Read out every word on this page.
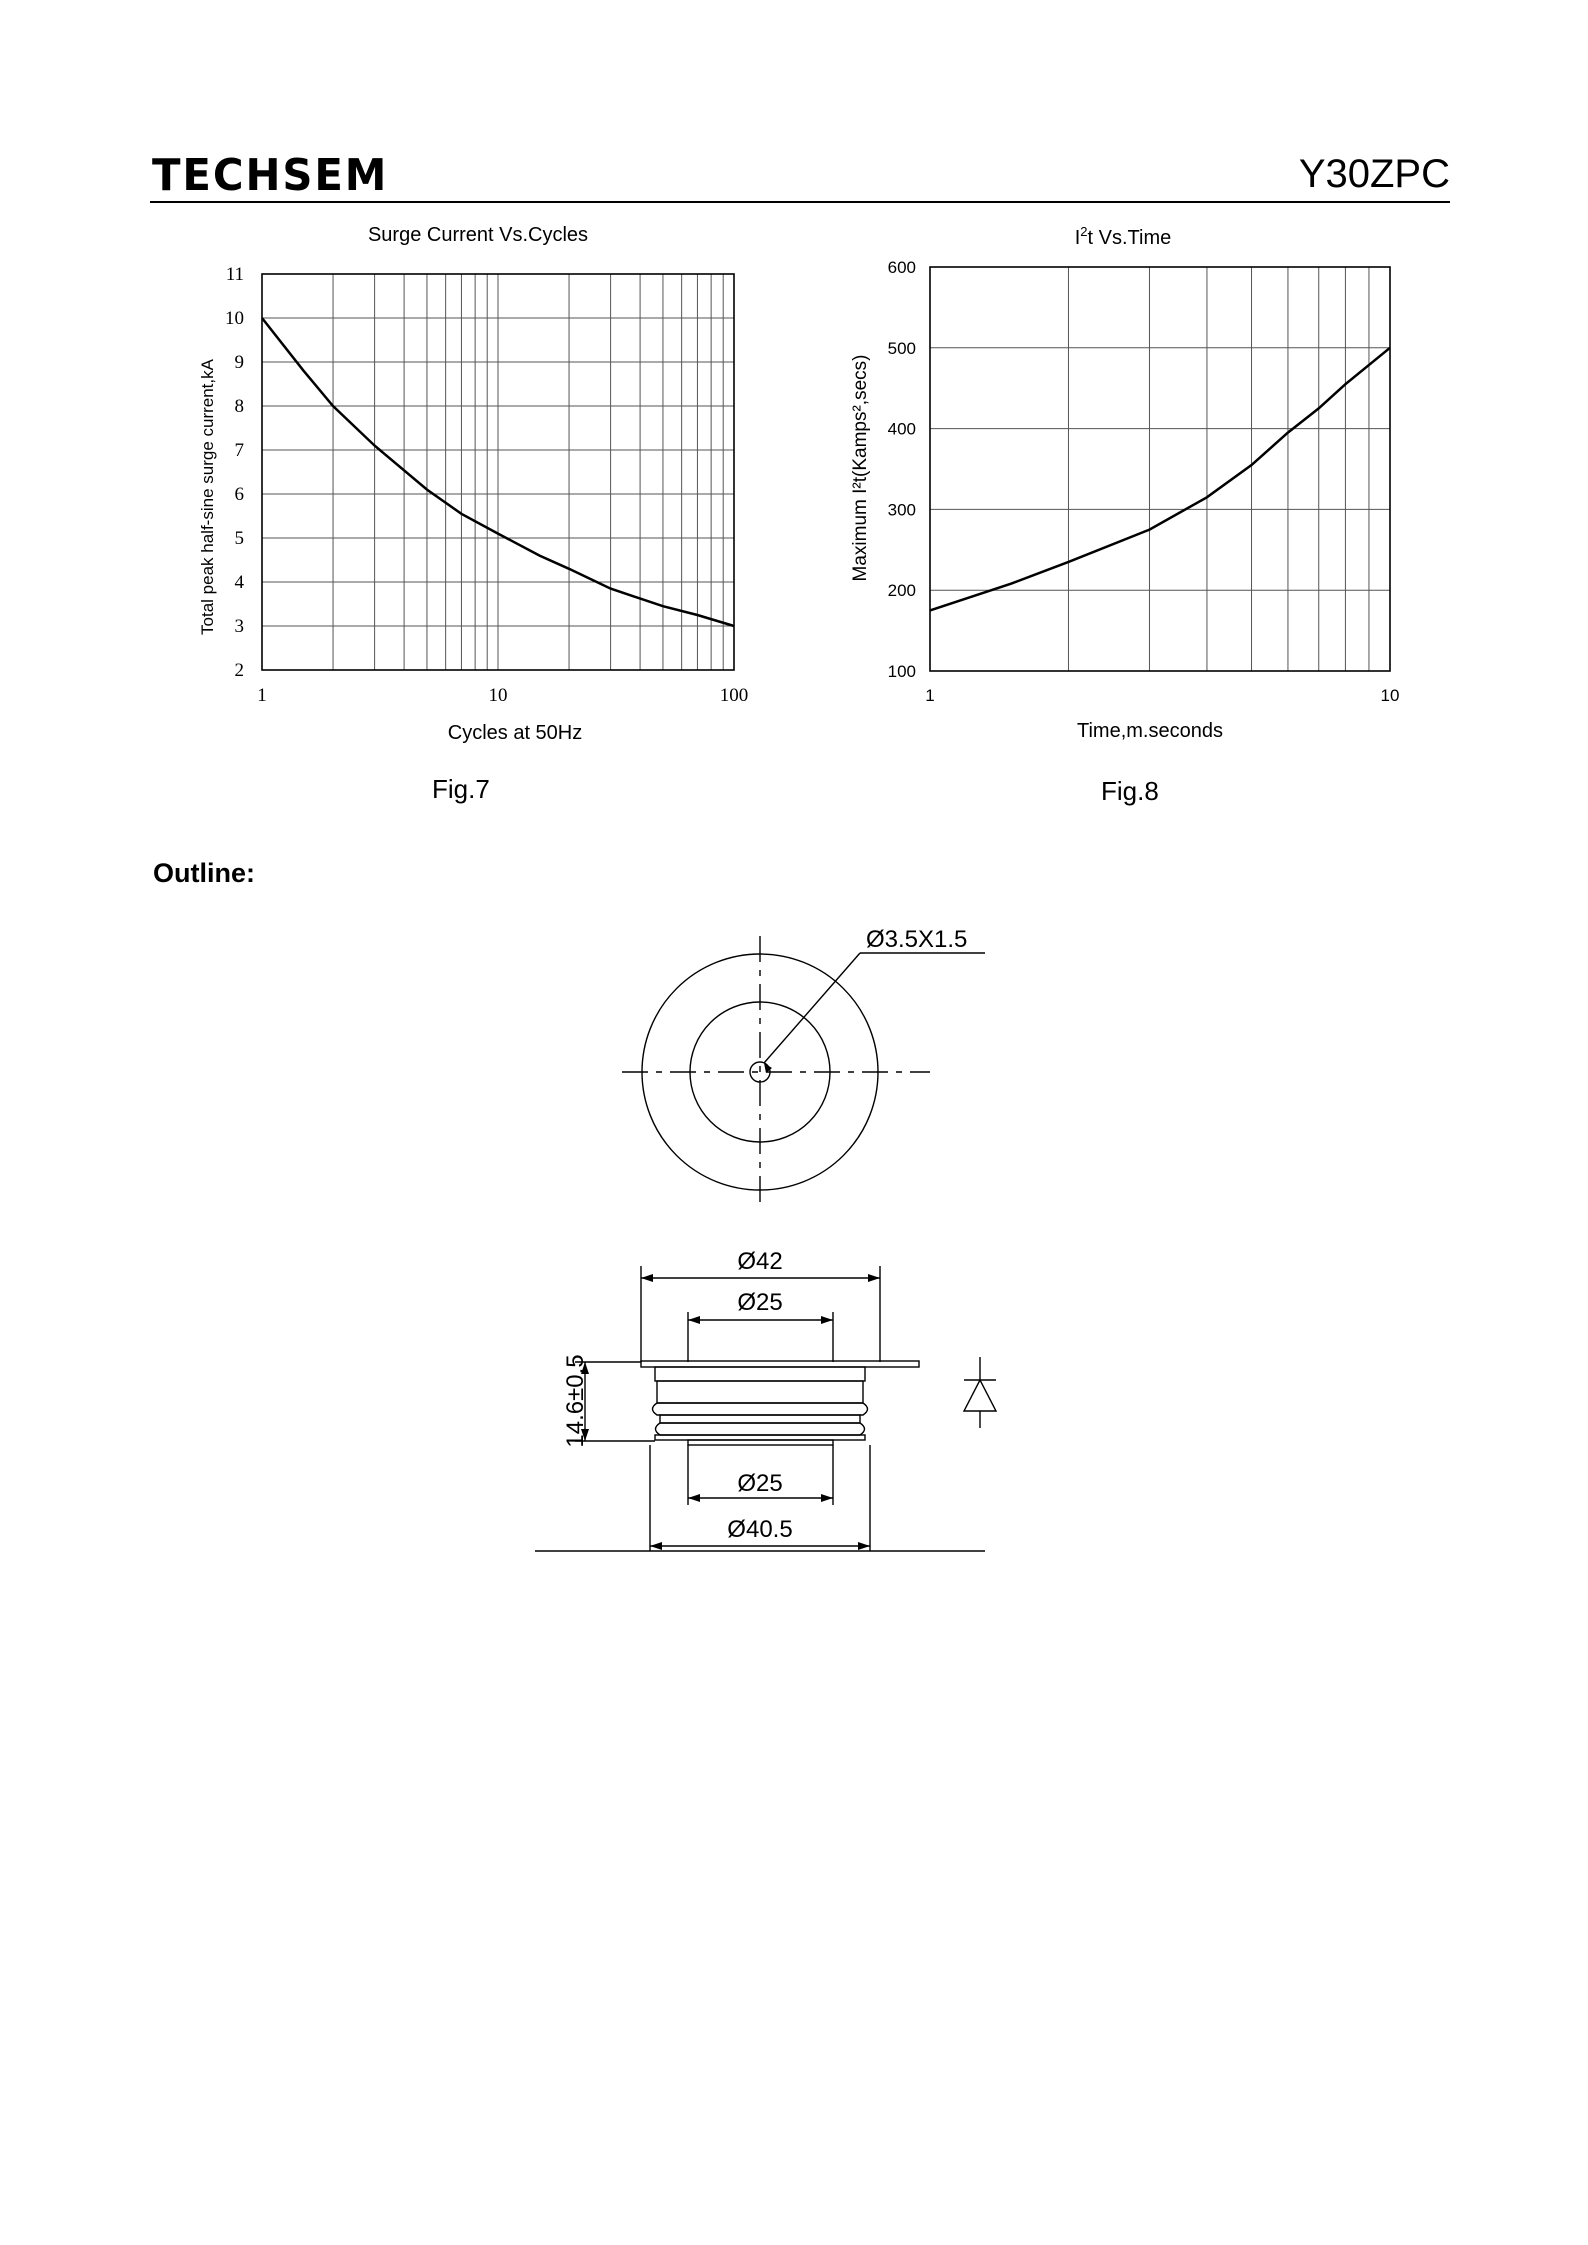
TECHSEM	Y30ZPC
Surge Current Vs.Cycles
2
3
4
5
6
7
8
9
10
11
1	10	100
Cycles at 50Hz
Total peak half-sine surge current,kA
$I^2t$ Vs.Time
100
200
300
400
500
600
1	10
Time,m.seconds
Maximum I²t(Kamps²,secs)
Fig.7	Fig.8
Outline:
Ø3.5X1.5
Ø42
Ø25
14.6±0.5
Ø25
Ø40.5
